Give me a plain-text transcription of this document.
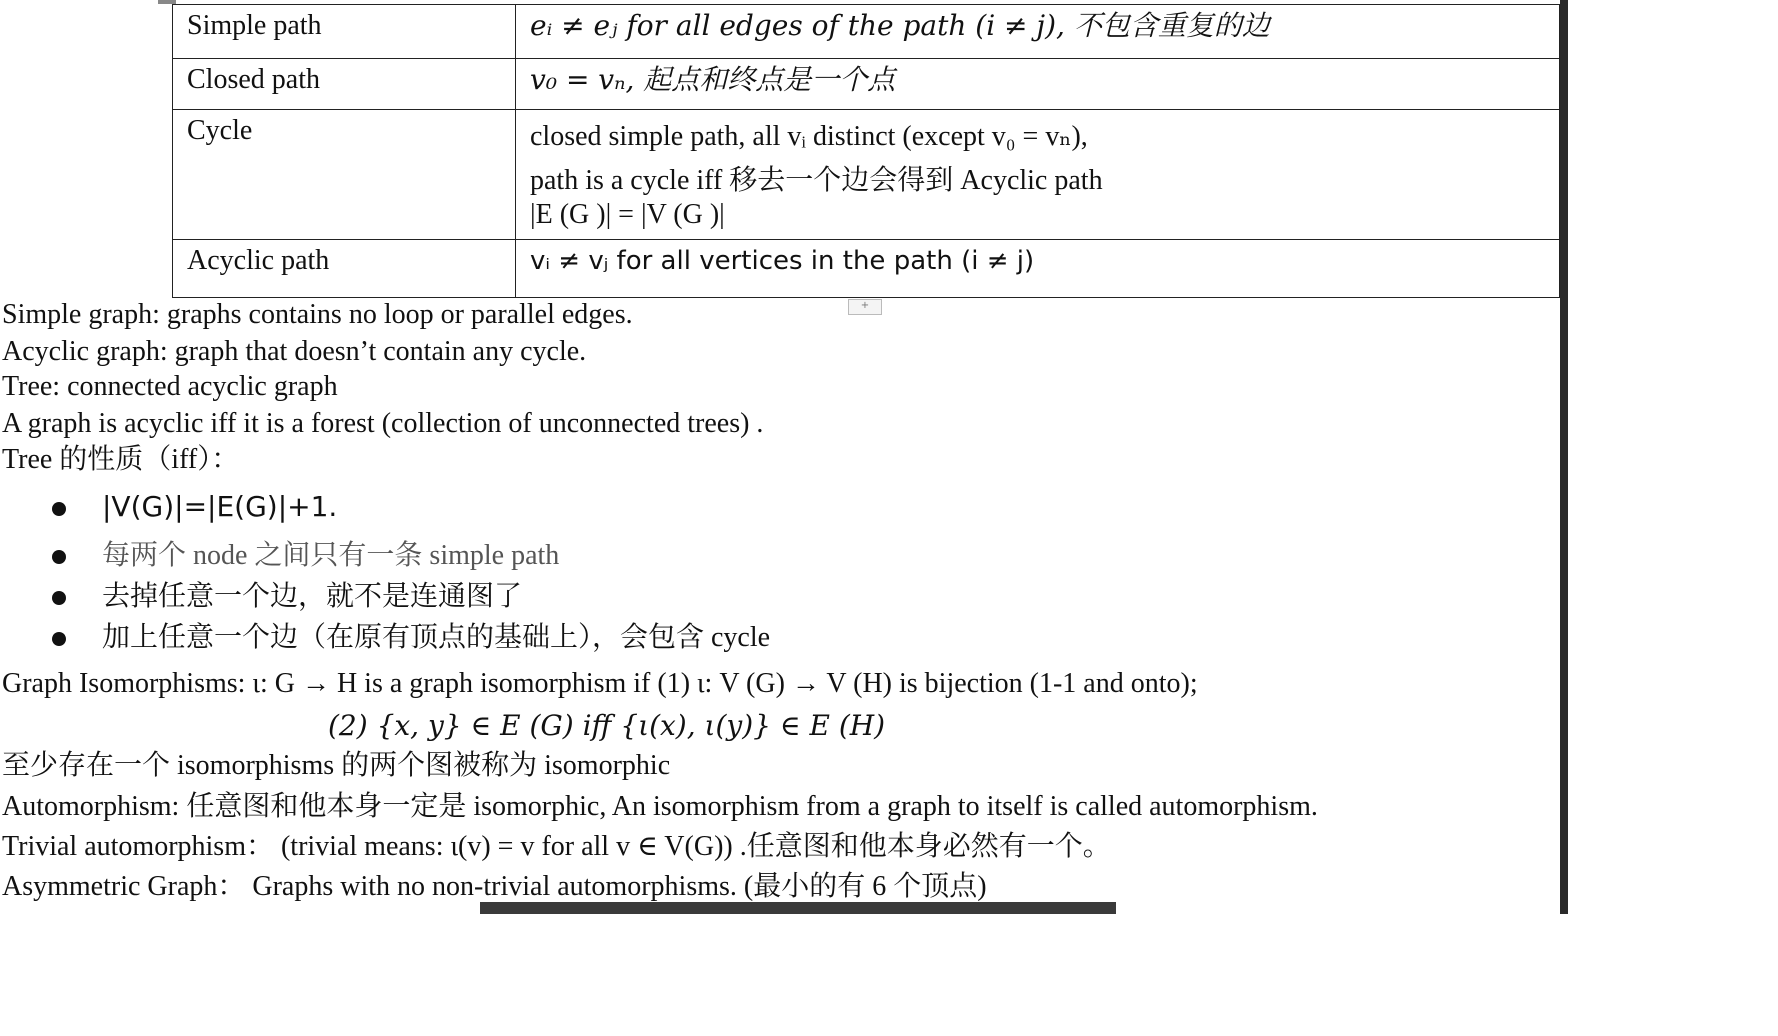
Simple path	eᵢ ≠ eⱼ for all edges of the path (i ≠ j), 不包含重复的边
Closed path	v₀ = vₙ, 起点和终点是一个点
Cycle	closed simple path, all vᵢ distinct (except v₀ = vₙ),
path is a cycle iff 移去一个边会得到 Acyclic path
|E (G )| = |V (G )|

Acyclic path	vᵢ ≠ vⱼ for all vertices in the path (i ≠ j)
+
Simple graph: graphs contains no loop or parallel edges.
Acyclic graph: graph that doesn’t contain any cycle.
Tree: connected acyclic graph
A graph is acyclic iff it is a forest (collection of unconnected trees) .
Tree 的性质（iff）：
|V(G)|=|E(G)|+1.
每两个 node 之间只有一条 simple path
去掉任意一个边，就不是连通图了
加上任意一个边（在原有顶点的基础上），会包含 cycle
Graph Isomorphisms: ι: G → H is a graph isomorphism if (1) ι: V (G) → V (H) is bijection (1-1 and onto);
(2) {x, y} ∈ E (G) iff {ι(x), ι(y)} ∈ E (H)
至少存在一个 isomorphisms 的两个图被称为 isomorphic
Automorphism: 任意图和他本身一定是 isomorphic, An isomorphism from a graph to itself is called automorphism.
Trivial automorphism： (trivial means: ι(v) = v for all v ∈ V(G)) .任意图和他本身必然有一个。
Asymmetric Graph： Graphs with no non-trivial automorphisms. (最小的有 6 个顶点)
